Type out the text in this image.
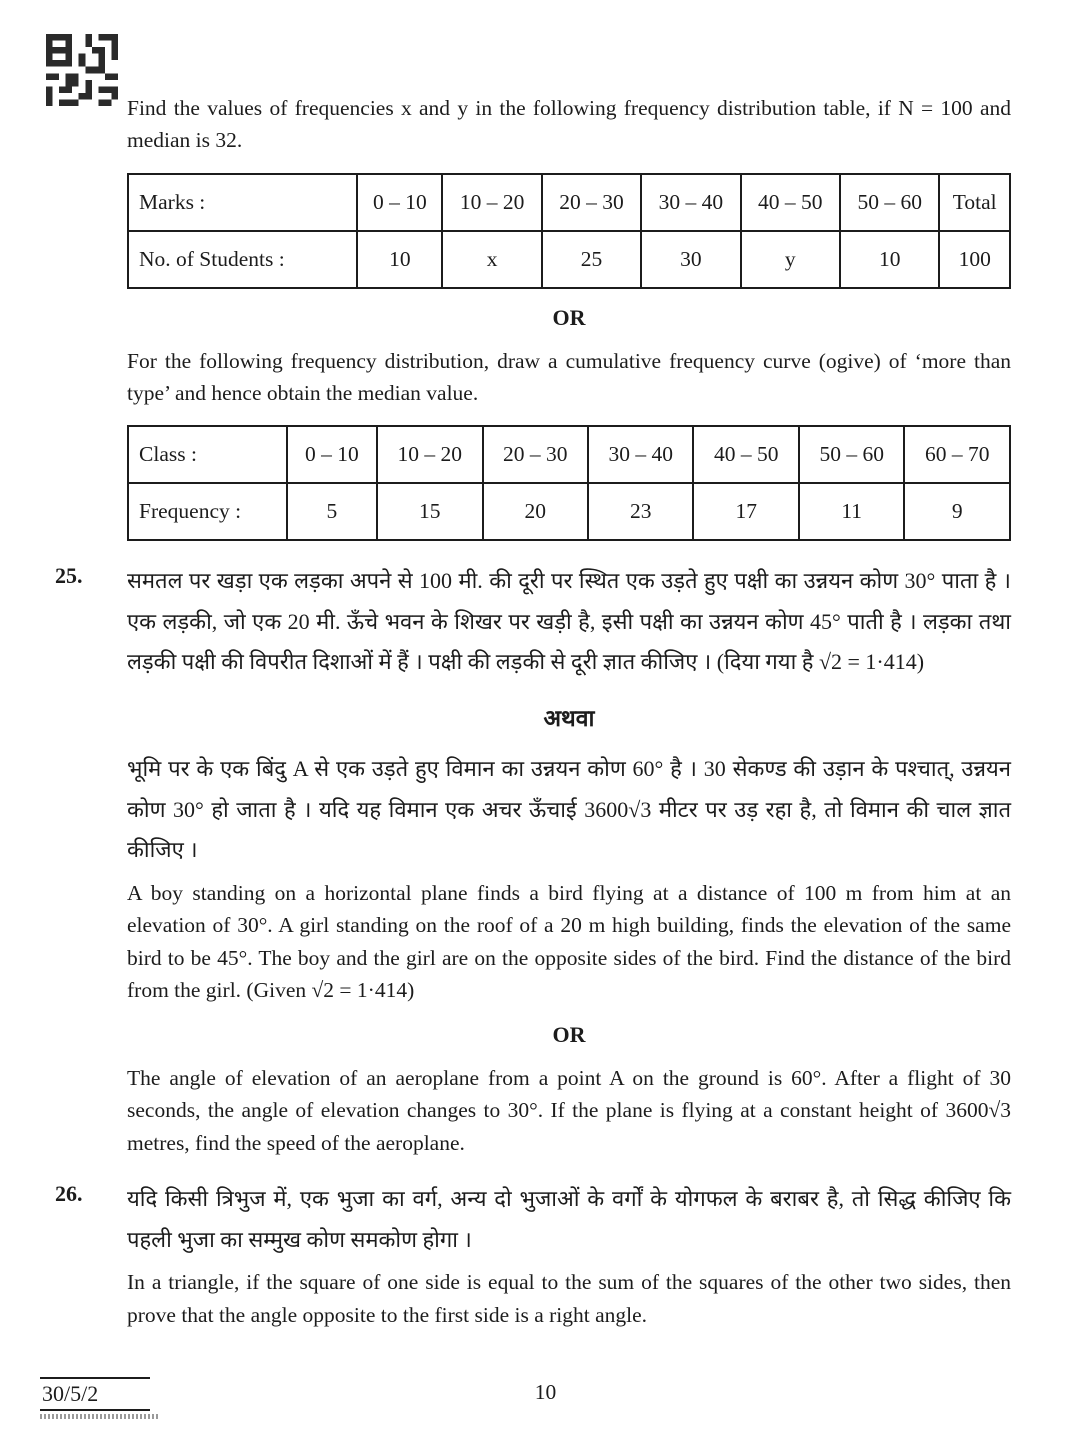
Find the values of frequencies x and y in the following frequency distribution table, if N = 100 and median is 32.

Marks :	0 – 10	10 – 20	20 – 30	30 – 40	40 – 50	50 – 60	Total
No. of Students :	10	x	25	30	y	10	100
OR

For the following frequency distribution, draw a cumulative frequency curve (ogive) of ‘more than type’ and hence obtain the median value.

Class :	0 – 10	10 – 20	20 – 30	30 – 40	40 – 50	50 – 60	60 – 70
Frequency :	5	15	20	23	17	11	9
25. समतल पर खड़ा एक लड़का अपने से 100 मी. की दूरी पर स्थित एक उड़ते हुए पक्षी का उन्नयन कोण 30° पाता है । एक लड़की, जो एक 20 मी. ऊँचे भवन के शिखर पर खड़ी है, इसी पक्षी का उन्नयन कोण 45° पाती है । लड़का तथा लड़की पक्षी की विपरीत दिशाओं में हैं । पक्षी की लड़की से दूरी ज्ञात कीजिए । (दिया गया है √2 = 1·414)

अथवा

भूमि पर के एक बिंदु A से एक उड़ते हुए विमान का उन्नयन कोण 60° है । 30 सेकण्ड की उड़ान के पश्चात्, उन्नयन कोण 30° हो जाता है । यदि यह विमान एक अचर ऊँचाई 3600√3 मीटर पर उड़ रहा है, तो विमान की चाल ज्ञात कीजिए ।

A boy standing on a horizontal plane finds a bird flying at a distance of 100 m from him at an elevation of 30°. A girl standing on the roof of a 20 m high building, finds the elevation of the same bird to be 45°. The boy and the girl are on the opposite sides of the bird. Find the distance of the bird from the girl. (Given √2 = 1·414)

OR

The angle of elevation of an aeroplane from a point A on the ground is 60°. After a flight of 30 seconds, the angle of elevation changes to 30°. If the plane is flying at a constant height of 3600√3 metres, find the speed of the aeroplane.

26. यदि किसी त्रिभुज में, एक भुजा का वर्ग, अन्य दो भुजाओं के वर्गों के योगफल के बराबर है, तो सिद्ध कीजिए कि पहली भुजा का सम्मुख कोण समकोण होगा ।

In a triangle, if the square of one side is equal to the sum of the squares of the other two sides, then prove that the angle opposite to the first side is a right angle.

30/5/2	10
